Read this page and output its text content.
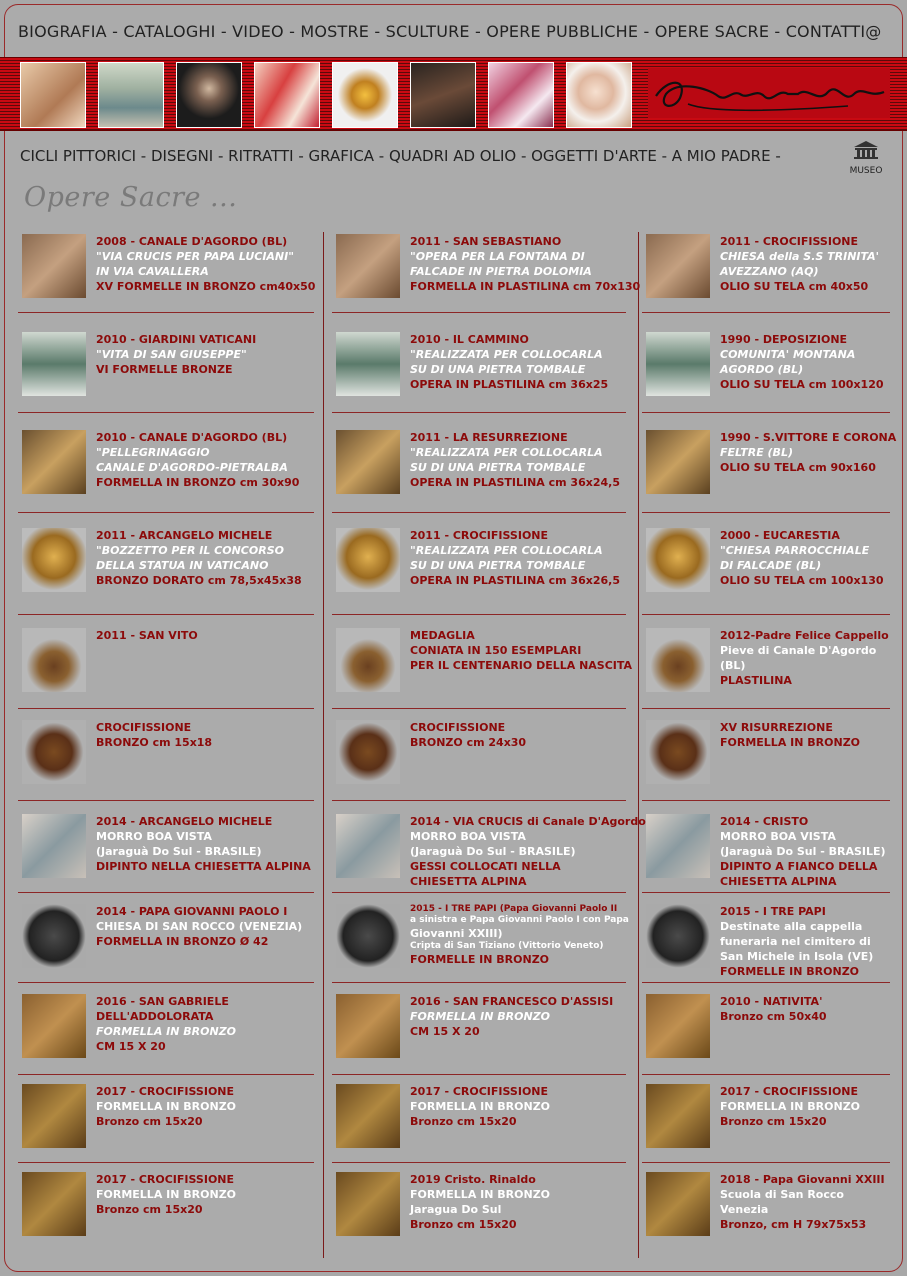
BIOGRAFIA - CATALOGHI - VIDEO - MOSTRE - SCULTURE - OPERE PUBBLICHE - OPERE SACRE - CONTATTI@
CICLI PITTORICI - DISEGNI - RITRATTI - GRAFICA - QUADRI AD OLIO - OGGETTI D'ARTE - A MIO PADRE -
MUSEO
Opere Sacre ...
2008 - CANALE D'AGORDO (BL)
"VIA CRUCIS PER PAPA LUCIANI"
IN VIA CAVALLERA
XV FORMELLE IN BRONZO cm40x50
2010 - GIARDINI VATICANI
"VITA DI SAN GIUSEPPE"
VI FORMELLE BRONZE
2010 - CANALE D'AGORDO (BL)
"PELLEGRINAGGIO
CANALE D'AGORDO-PIETRALBA
FORMELLA IN BRONZO cm 30x90
2011 - ARCANGELO MICHELE
"BOZZETTO PER IL CONCORSO
DELLA STATUA IN VATICANO
BRONZO DORATO cm 78,5x45x38
2011 - SAN VITO
CROCIFISSIONE
BRONZO cm 15x18
2014 - ARCANGELO MICHELE
MORRO BOA VISTA
(Jaraguà Do Sul - BRASILE)
DIPINTO NELLA CHIESETTA ALPINA
2014 - PAPA GIOVANNI PAOLO I
CHIESA DI SAN ROCCO (VENEZIA)
FORMELLA IN BRONZO Ø 42
2016 - SAN GABRIELE
DELL'ADDOLORATA
FORMELLA IN BRONZO
CM 15 X 20
2017 - CROCIFISSIONE
FORMELLA IN BRONZO
Bronzo cm 15x20
2017 - CROCIFISSIONE
FORMELLA IN BRONZO
Bronzo cm 15x20
2011 - SAN SEBASTIANO
"OPERA PER LA FONTANA DI
FALCADE IN PIETRA DOLOMIA
FORMELLA IN PLASTILINA cm 70x130
2010 - IL CAMMINO
"REALIZZATA PER COLLOCARLA
SU DI UNA PIETRA TOMBALE
OPERA IN PLASTILINA cm 36x25
2011 - LA RESURREZIONE
"REALIZZATA PER COLLOCARLA
SU DI UNA PIETRA TOMBALE
OPERA IN PLASTILINA cm 36x24,5
2011 - CROCIFISSIONE
"REALIZZATA PER COLLOCARLA
SU DI UNA PIETRA TOMBALE
OPERA IN PLASTILINA cm 36x26,5
MEDAGLIA
CONIATA IN 150 ESEMPLARI
PER IL CENTENARIO DELLA NASCITA
CROCIFISSIONE
BRONZO cm 24x30
2014 - VIA CRUCIS di Canale D'Agordo
MORRO BOA VISTA
(Jaraguà Do Sul - BRASILE)
GESSI COLLOCATI NELLA
CHIESETTA ALPINA
2015 - I TRE PAPI (Papa Giovanni Paolo II
a sinistra e Papa Giovanni Paolo I con Papa
Giovanni XXIII)
Cripta di San Tiziano (Vittorio Veneto)
FORMELLE IN BRONZO
2016 - SAN FRANCESCO D'ASSISI
FORMELLA IN BRONZO
CM 15 X 20
2017 - CROCIFISSIONE
FORMELLA IN BRONZO
Bronzo cm 15x20
2019 Cristo. Rinaldo
FORMELLA IN BRONZO
Jaragua Do Sul
Bronzo cm 15x20
2011 - CROCIFISSIONE
CHIESA della S.S TRINITA'
AVEZZANO (AQ)
OLIO SU TELA cm 40x50
1990 - DEPOSIZIONE
COMUNITA' MONTANA
AGORDO (BL)
OLIO SU TELA cm 100x120
1990 - S.VITTORE E CORONA
FELTRE (BL)
OLIO SU TELA cm 90x160
2000 - EUCARESTIA
"CHIESA PARROCCHIALE
DI FALCADE (BL)
OLIO SU TELA cm 100x130
2012-Padre Felice Cappello
Pieve di Canale D'Agordo
(BL)
PLASTILINA
XV RISURREZIONE
FORMELLA IN BRONZO
2014 - CRISTO
MORRO BOA VISTA
(Jaraguà Do Sul - BRASILE)
DIPINTO A FIANCO DELLA
CHIESETTA ALPINA
2015 - I TRE PAPI
Destinate alla cappella
funeraria nel cimitero di
San Michele in Isola (VE)
FORMELLE IN BRONZO
2010 - NATIVITA'
Bronzo cm 50x40
2017 - CROCIFISSIONE
FORMELLA IN BRONZO
Bronzo cm 15x20
2018 - Papa Giovanni XXIII
Scuola di San Rocco
Venezia
Bronzo, cm H 79x75x53
